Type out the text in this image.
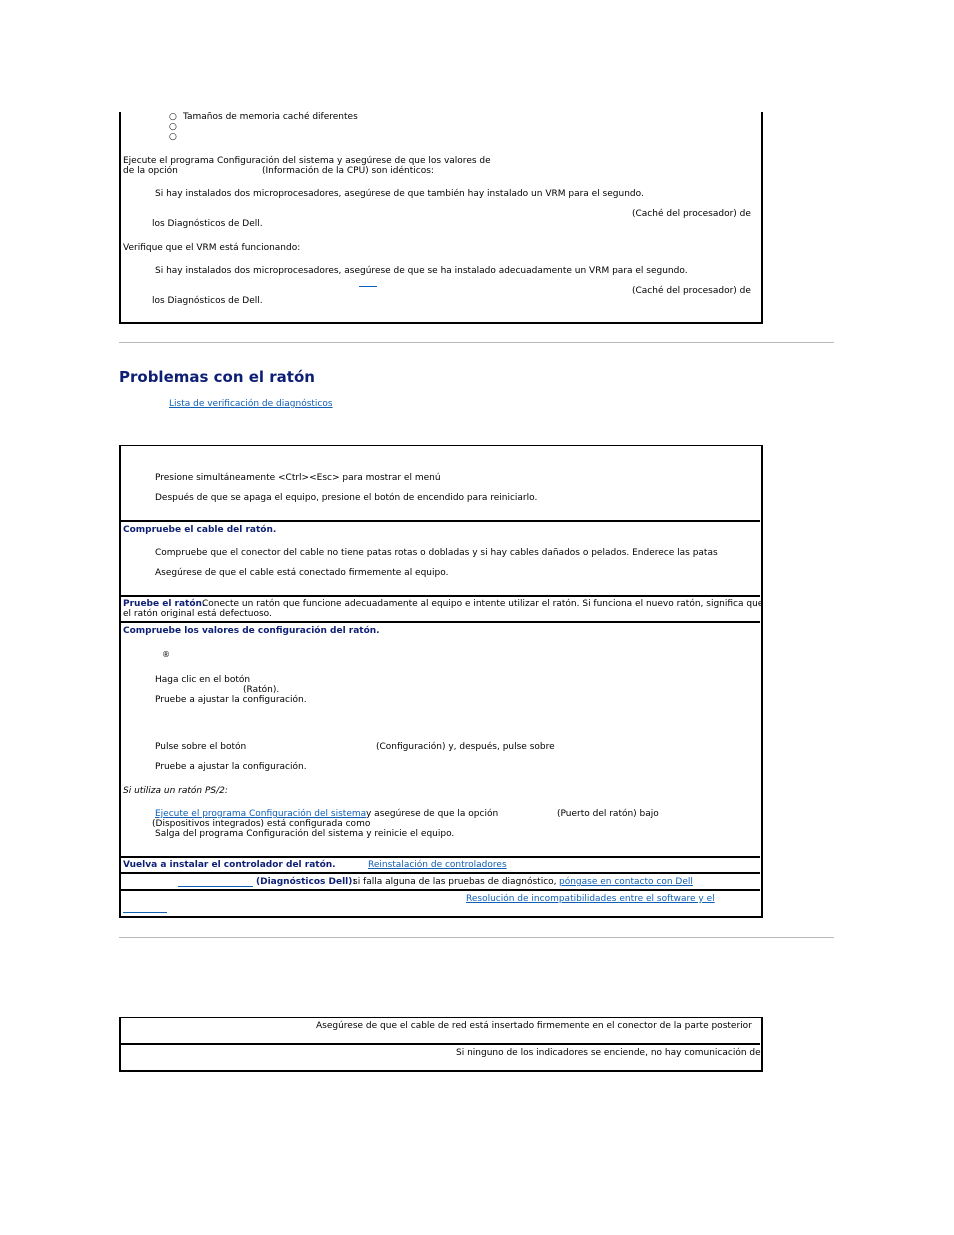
○ Tamaños de memoria caché diferentes
○
○
Ejecute el programa Configuración del sistema y asegúrese de que los valores de
de la opción	(Información de la CPU) son idénticos:
Si hay instalados dos microprocesadores, asegúrese de que también hay instalado un VRM para el segundo.
(Caché del procesador) de
los Diagnósticos de Dell.
Verifique que el VRM está funcionando:
Si hay instalados dos microprocesadores, asegúrese de que se ha instalado adecuadamente un VRM para el segundo.
(Caché del procesador) de
los Diagnósticos de Dell.
Problemas con el ratón
Lista de verificación de diagnósticos
Presione simultáneamente <Ctrl><Esc> para mostrar el menú
Después de que se apaga el equipo, presione el botón de encendido para reiniciarlo.
Compruebe el cable del ratón.
Compruebe que el conector del cable no tiene patas rotas o dobladas y si hay cables dañados o pelados. Enderece las patas
Asegúrese de que el cable está conectado firmemente al equipo.
Pruebe el ratón.
Conecte un ratón que funcione adecuadamente al equipo e intente utilizar el ratón. Si funciona el nuevo ratón, significa que
el ratón original está defectuoso.
Compruebe los valores de configuración del ratón.
®
Haga clic en el botón
(Ratón).
Pruebe a ajustar la configuración.
Pulse sobre el botón	(Configuración) y, después, pulse sobre
Pruebe a ajustar la configuración.
Si utiliza un ratón PS/2:
Ejecute el programa Configuración del sistema y asegúrese de que la opción	(Puerto del ratón) bajo
(Dispositivos integrados) está configurada como
Salga del programa Configuración del sistema y reinicie el equipo.
Vuelva a instalar el controlador del ratón.	Reinstalación de controladores
(Diagnósticos Dell):
si falla alguna de las pruebas de diagnóstico, póngase en contacto con Dell
Resolución de incompatibilidades entre el software y el
Asegúrese de que el cable de red está insertado firmemente en el conector de la parte posterior
Si ninguno de los indicadores se enciende, no hay comunicación de
